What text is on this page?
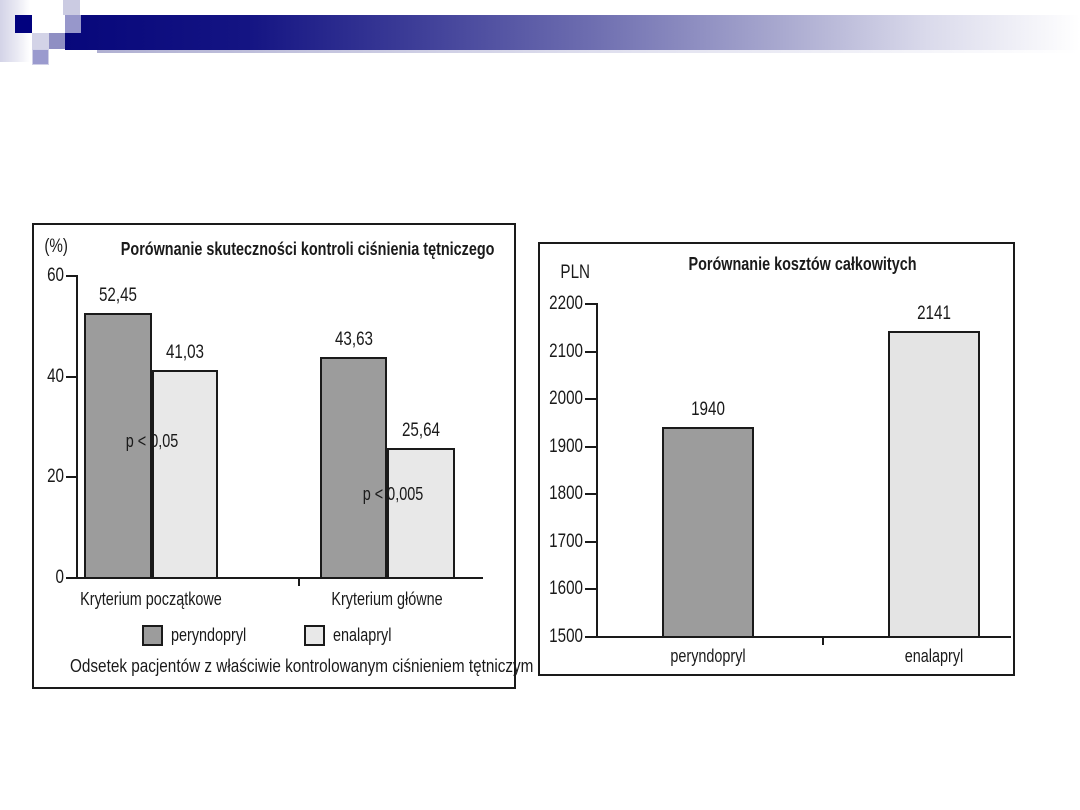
(%)	Porównanie skuteczności kontroli ciśnienia tętniczego
peryndopryl	enalapryl
Odsetek pacjentów z właściwie kontrolowanym ciśnieniem tętniczym
60
40
20
0
52,45
41,03
43,63
25,64
Kryterium początkowe	Kryterium główne
p < 0,05
p < 0,005
PLN	Porównanie kosztów całkowitych
2200
2100
2000
1900
1800
1700
1600
1500
1940
2141
peryndopryl	enalapryl
